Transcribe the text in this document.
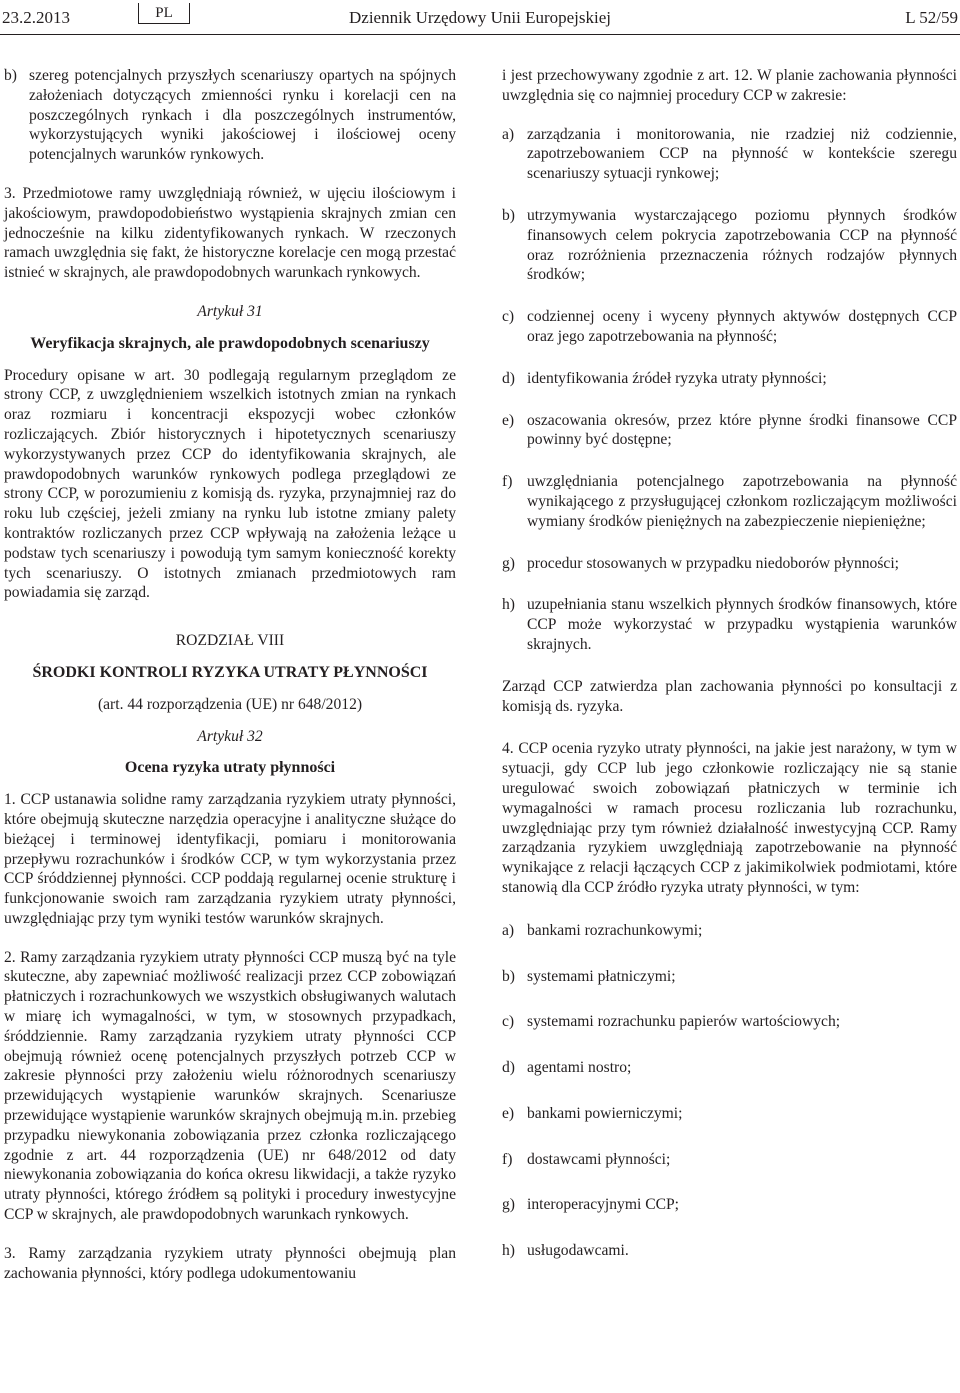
23.2.2013	PL	Dziennik Urzędowy Unii Europejskiej	L 52/59
b) szereg potencjalnych przyszłych scenariuszy opartych na spójnych założeniach dotyczących zmienności rynku i korelacji cen na poszczególnych rynkach i dla poszczególnych instrumentów, wykorzystujących wyniki jakościowej i ilościowej oceny potencjalnych warunków rynkowych.

3. Przedmiotowe ramy uwzględniają również, w ujęciu ilościowym i jakościowym, prawdopodobieństwo wystąpienia skrajnych zmian cen jednocześnie na kilku zidentyfikowanych rynkach. W rzeczonych ramach uwzględnia się fakt, że historyczne korelacje cen mogą przestać istnieć w skrajnych, ale prawdopodobnych warunkach rynkowych.

Artykuł 31

Weryfikacja skrajnych, ale prawdopodobnych scenariuszy

Procedury opisane w art. 30 podlegają regularnym przeglądom ze strony CCP, z uwzględnieniem wszelkich istotnych zmian na rynkach oraz rozmiaru i koncentracji ekspozycji wobec członków rozliczających. Zbiór historycznych i hipotetycznych scenariuszy wykorzystywanych przez CCP do identyfikowania skrajnych, ale prawdopodobnych warunków rynkowych podlega przeglądowi ze strony CCP, w porozumieniu z komisją ds. ryzyka, przynajmniej raz do roku lub częściej, jeżeli zmiany na rynku lub istotne zmiany palety kontraktów rozliczanych przez CCP wpływają na założenia leżące u podstaw tych scenariuszy i powodują tym samym konieczność korekty tych scenariuszy. O istotnych zmianach przedmiotowych ram powiadamia się zarząd.

ROZDZIAŁ VIII

ŚRODKI KONTROLI RYZYKA UTRATY PŁYNNOŚCI

(art. 44 rozporządzenia (UE) nr 648/2012)

Artykuł 32

Ocena ryzyka utraty płynności

1. CCP ustanawia solidne ramy zarządzania ryzykiem utraty płynności, które obejmują skuteczne narzędzia operacyjne i analityczne służące do bieżącej i terminowej identyfikacji, pomiaru i monitorowania przepływu rozrachunków i środków CCP, w tym wykorzystania przez CCP śróddziennej płynności. CCP poddają regularnej ocenie strukturę i funkcjonowanie swoich ram zarządzania ryzykiem utraty płynności, uwzględniając przy tym wyniki testów warunków skrajnych.

2. Ramy zarządzania ryzykiem utraty płynności CCP muszą być na tyle skuteczne, aby zapewniać możliwość realizacji przez CCP zobowiązań płatniczych i rozrachunkowych we wszystkich obsługiwanych walutach w miarę ich wymagalności, w tym, w stosownych przypadkach, śróddziennie. Ramy zarządzania ryzykiem utraty płynności CCP obejmują również ocenę potencjalnych przyszłych potrzeb CCP w zakresie płynności przy założeniu wielu różnorodnych scenariuszy przewidujących wystąpienie warunków skrajnych. Scenariusze przewidujące wystąpienie warunków skrajnych obejmują m.in. przebieg przypadku niewykonania zobowiązania przez członka rozliczającego zgodnie z art. 44 rozporządzenia (UE) nr 648/2012 od daty niewykonania zobowiązania do końca okresu likwidacji, a także ryzyko utraty płynności, którego źródłem są polityki i procedury inwestycyjne CCP w skrajnych, ale prawdopodobnych warunkach rynkowych.

3. Ramy zarządzania ryzykiem utraty płynności obejmują plan zachowania płynności, który podlega udokumentowaniu

i jest przechowywany zgodnie z art. 12. W planie zachowania płynności uwzględnia się co najmniej procedury CCP w zakresie:

a) zarządzania i monitorowania, nie rzadziej niż codziennie, zapotrzebowaniem CCP na płynność w kontekście szeregu scenariuszy sytuacji rynkowej;
b) utrzymywania wystarczającego poziomu płynnych środków finansowych celem pokrycia zapotrzebowania CCP na płynność oraz rozróżnienia przeznaczenia różnych rodzajów płynnych środków;
c) codziennej oceny i wyceny płynnych aktywów dostępnych CCP oraz jego zapotrzebowania na płynność;
d) identyfikowania źródeł ryzyka utraty płynności;
e) oszacowania okresów, przez które płynne środki finansowe CCP powinny być dostępne;
f) uwzględniania potencjalnego zapotrzebowania na płynność wynikającego z przysługującej członkom rozliczającym możliwości wymiany środków pieniężnych na zabezpieczenie niepieniężne;
g) procedur stosowanych w przypadku niedoborów płynności;
h) uzupełniania stanu wszelkich płynnych środków finansowych, które CCP może wykorzystać w przypadku wystąpienia warunków skrajnych.

Zarząd CCP zatwierdza plan zachowania płynności po konsultacji z komisją ds. ryzyka.

4. CCP ocenia ryzyko utraty płynności, na jakie jest narażony, w tym w sytuacji, gdy CCP lub jego członkowie rozliczający nie są stanie uregulować swoich zobowiązań płatniczych w terminie ich wymagalności w ramach procesu rozliczania lub rozrachunku, uwzględniając przy tym również działalność inwestycyjną CCP. Ramy zarządzania ryzykiem uwzględniają zapotrzebowanie na płynność wynikające z relacji łączących CCP z jakimikolwiek podmiotami, które stanowią dla CCP źródło ryzyka utraty płynności, w tym:

a) bankami rozrachunkowymi;
b) systemami płatniczymi;
c) systemami rozrachunku papierów wartościowych;
d) agentami nostro;
e) bankami powierniczymi;
f) dostawcami płynności;
g) interoperacyjnymi CCP;
h) usługodawcami.
